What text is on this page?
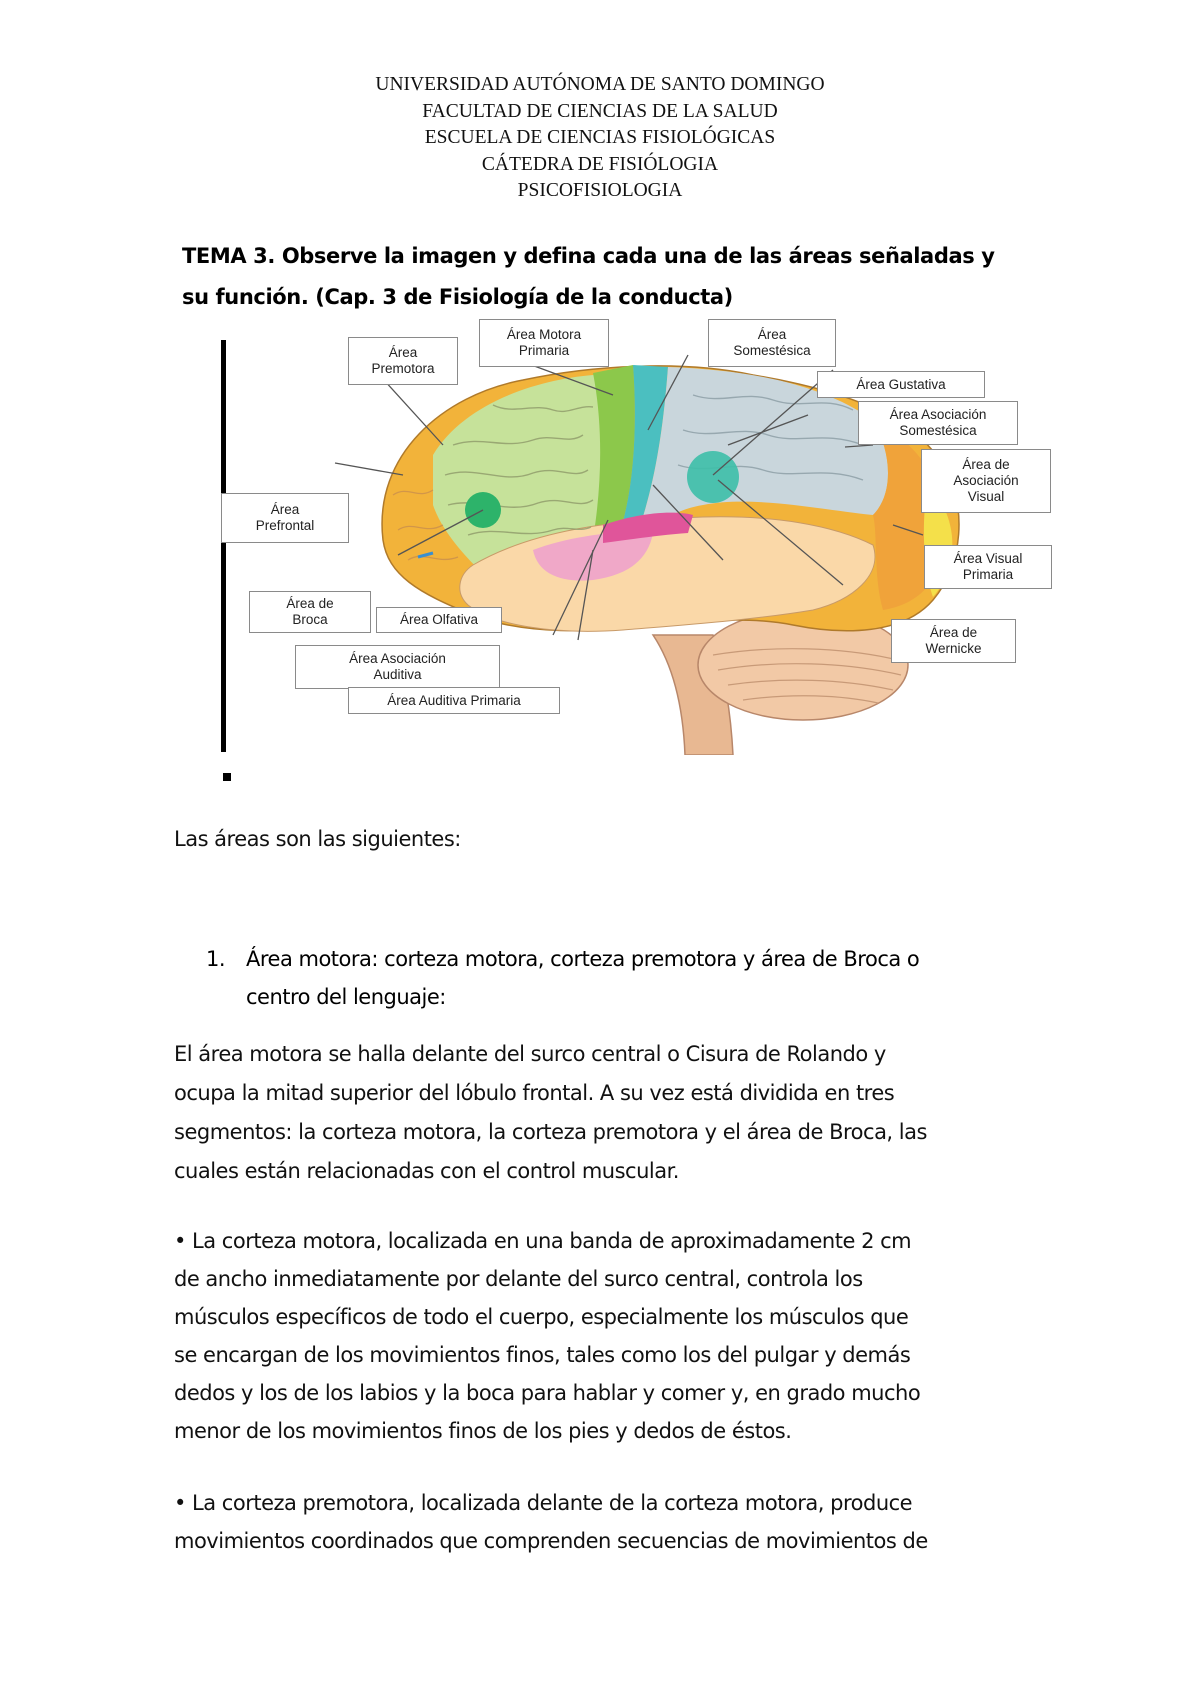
UNIVERSIDAD AUTÓNOMA DE SANTO DOMINGO
FACULTAD DE CIENCIAS DE LA SALUD
ESCUELA DE CIENCIAS FISIOLÓGICAS
CÁTEDRA DE FISIÓLOGIA
PSICOFISIOLOGIA
TEMA 3. Observe la imagen y defina cada una de las áreas señaladas y
su función. (Cap. 3 de Fisiología de la conducta)
Área
Premotora
Área Motora
Primaria
Área
Somestésica
Área Gustativa
Área Asociación
Somestésica
Área de
Asociación
Visual
Área
Prefrontal
Área Visual
Primaria
Área de
Broca	Área Olfativa
Área de
Wernicke
Área Asociación
Auditiva
Área Auditiva Primaria
Las áreas son las siguientes:
1. Área motora: corteza motora, corteza premotora y área de Broca o
centro del lenguaje:
El área motora se halla delante del surco central o Cisura de Rolando y
ocupa la mitad superior del lóbulo frontal. A su vez está dividida en tres
segmentos: la corteza motora, la corteza premotora y el área de Broca, las
cuales están relacionadas con el control muscular.
• La corteza motora, localizada en una banda de aproximadamente 2 cm
de ancho inmediatamente por delante del surco central, controla los
músculos específicos de todo el cuerpo, especialmente los músculos que
se encargan de los movimientos finos, tales como los del pulgar y demás
dedos y los de los labios y la boca para hablar y comer y, en grado mucho
menor de los movimientos finos de los pies y dedos de éstos.
• La corteza premotora, localizada delante de la corteza motora, produce
movimientos coordinados que comprenden secuencias de movimientos de
